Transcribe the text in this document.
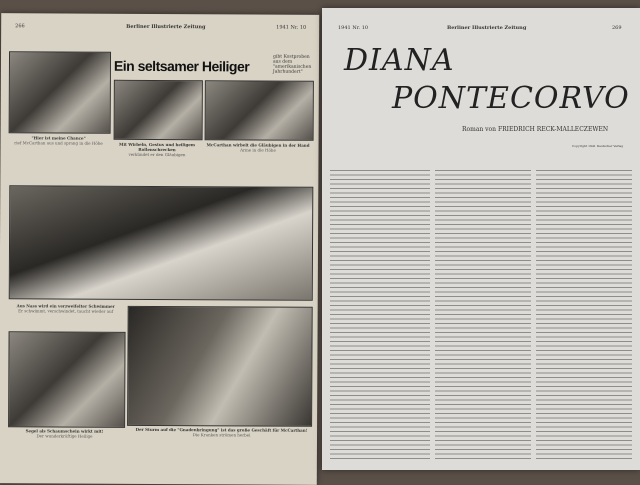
266	Berliner Illustrierte Zeitung	1941 Nr. 10
Ein seltsamer Heiliger
gibt Kostproben aus dem "amerikanischen Jahrhundert"
"Hier ist meine Chance"
rief McCarthan aus und sprang in die Höhe	Mit Wirbeln, Gestus und heiligem Rollenschrecken
verkündet er den Gläubigen
McCarthan wirbelt die Gläubigen in der Hand
Arme in die Höhe
Aus Nass wird ein verzweifelter Schwimmer
Er schwimmt, verschwindet, taucht wieder auf
Segel als Schaumschein wirkt mit!
Der wunderkräftige Heilige
Der Sturm auf die "Gnadenbringung" ist das große Geschäft für McCarthan!
Die Kranken strömen herbei
1941 Nr. 10	Berliner Illustrierte Zeitung	269
DIANA
PONTECORVO
Roman von FRIEDRICH RECK-MALLECZEWEN
Copyright 1941 Deutscher Verlag
